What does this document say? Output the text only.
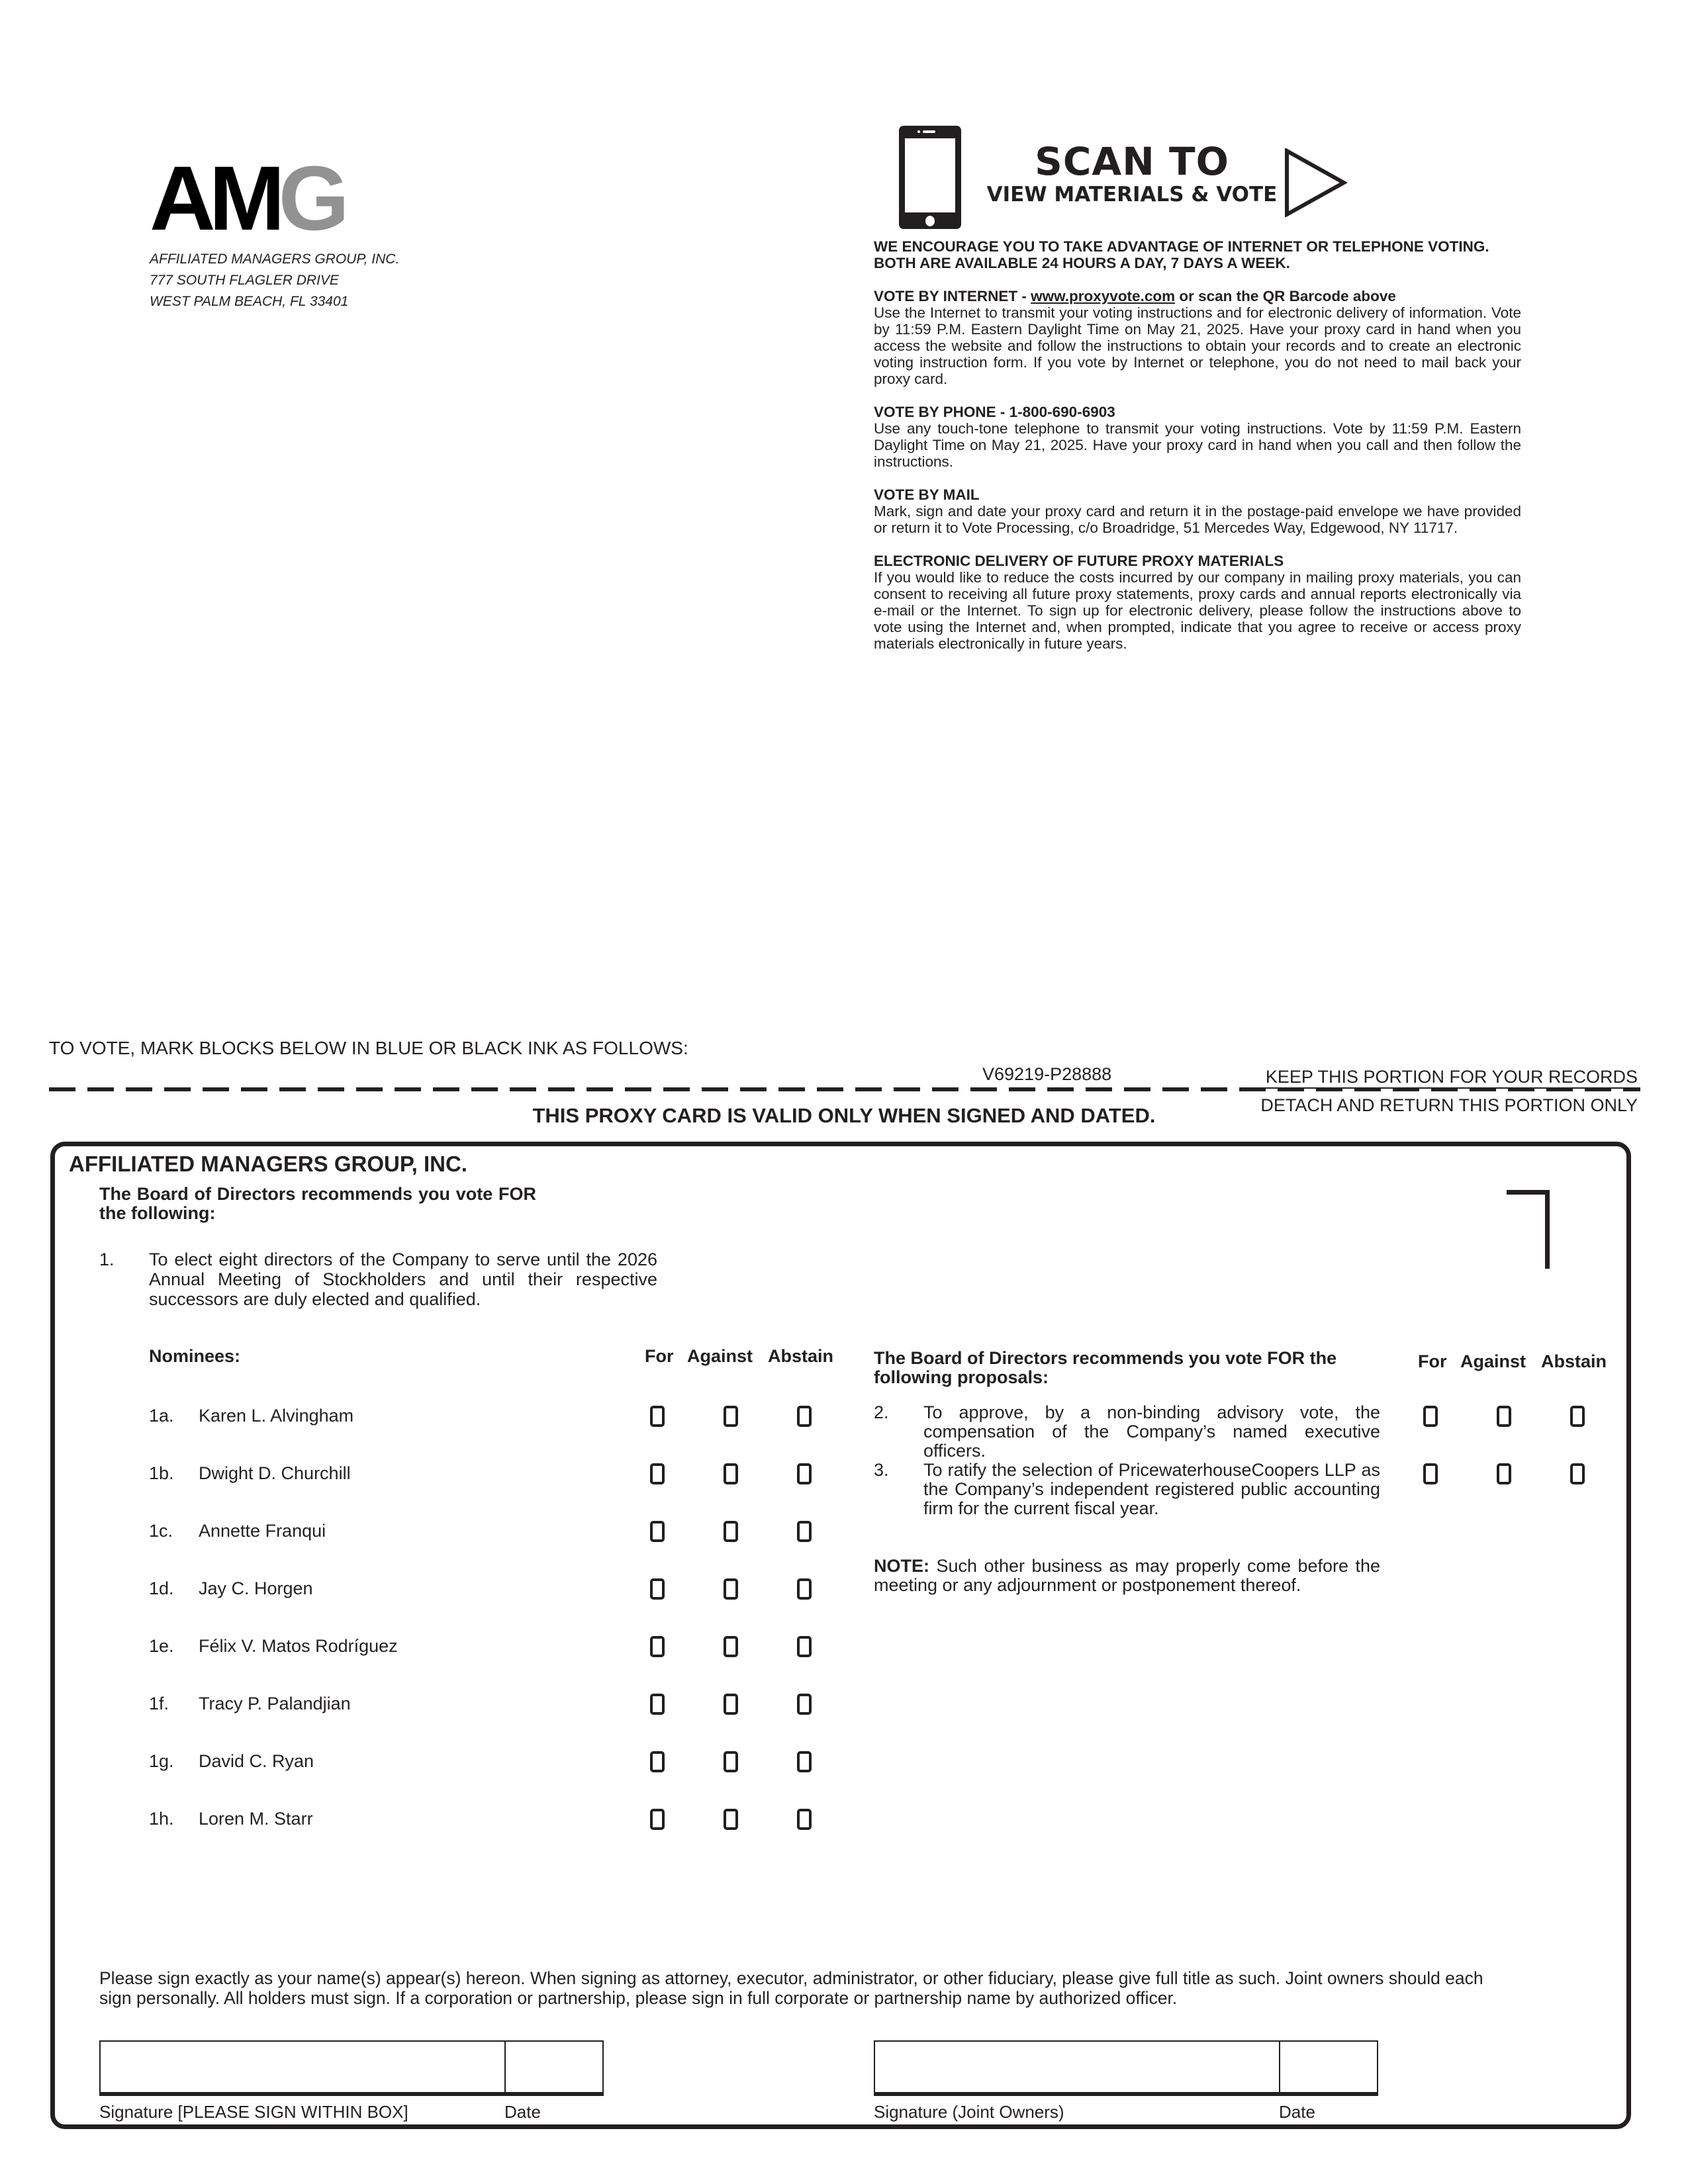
AMG
AFFILIATED MANAGERS GROUP, INC.
777 SOUTH FLAGLER DRIVE
WEST PALM BEACH, FL 33401
SCAN TO
VIEW MATERIALS & VOTE

WE ENCOURAGE YOU TO TAKE ADVANTAGE OF INTERNET OR TELEPHONE VOTING.
BOTH ARE AVAILABLE 24 HOURS A DAY, 7 DAYS A WEEK.

VOTE BY INTERNET - www.proxyvote.com or scan the QR Barcode above
Use the Internet to transmit your voting instructions and for electronic delivery of information. Vote by 11:59 P.M. Eastern Daylight Time on May 21, 2025. Have your proxy card in hand when you access the website and follow the instructions to obtain your records and to create an electronic voting instruction form. If you vote by Internet or telephone, you do not need to mail back your proxy card.

VOTE BY PHONE - 1-800-690-6903
Use any touch-tone telephone to transmit your voting instructions. Vote by 11:59 P.M. Eastern Daylight Time on May 21, 2025. Have your proxy card in hand when you call and then follow the instructions.

VOTE BY MAIL
Mark, sign and date your proxy card and return it in the postage-paid envelope we have provided or return it to Vote Processing, c/o Broadridge, 51 Mercedes Way, Edgewood, NY 11717.

ELECTRONIC DELIVERY OF FUTURE PROXY MATERIALS
If you would like to reduce the costs incurred by our company in mailing proxy materials, you can consent to receiving all future proxy statements, proxy cards and annual reports electronically via e-mail or the Internet. To sign up for electronic delivery, please follow the instructions above to vote using the Internet and, when prompted, indicate that you agree to receive or access proxy materials electronically in future years.

TO VOTE, MARK BLOCKS BELOW IN BLUE OR BLACK INK AS FOLLOWS:
V69219-P28888	KEEP THIS PORTION FOR YOUR RECORDS
DETACH AND RETURN THIS PORTION ONLY
THIS PROXY CARD IS VALID ONLY WHEN SIGNED AND DATED.
AFFILIATED MANAGERS GROUP, INC.
The Board of Directors recommends you vote FOR the following:
1. To elect eight directors of the Company to serve until the 2026 Annual Meeting of Stockholders and until their respective successors are duly elected and qualified.
Nominees:	For Against Abstain
1a. Karen L. Alvingham
1b. Dwight D. Churchill
1c. Annette Franqui
1d. Jay C. Horgen
1e. Félix V. Matos Rodríguez
1f. Tracy P. Palandjian
1g. David C. Ryan
1h. Loren M. Starr
The Board of Directors recommends you vote FOR the following proposals:
For Against Abstain
2. To approve, by a non-binding advisory vote, the compensation of the Company’s named executive officers.
3. To ratify the selection of PricewaterhouseCoopers LLP as the Company’s independent registered public accounting firm for the current fiscal year.
NOTE: Such other business as may properly come before the meeting or any adjournment or postponement thereof.
Please sign exactly as your name(s) appear(s) hereon. When signing as attorney, executor, administrator, or other fiduciary, please give full title as such. Joint owners should each sign personally. All holders must sign. If a corporation or partnership, please sign in full corporate or partnership name by authorized officer.
Signature [PLEASE SIGN WITHIN BOX]	Date	Signature (Joint Owners)	Date
